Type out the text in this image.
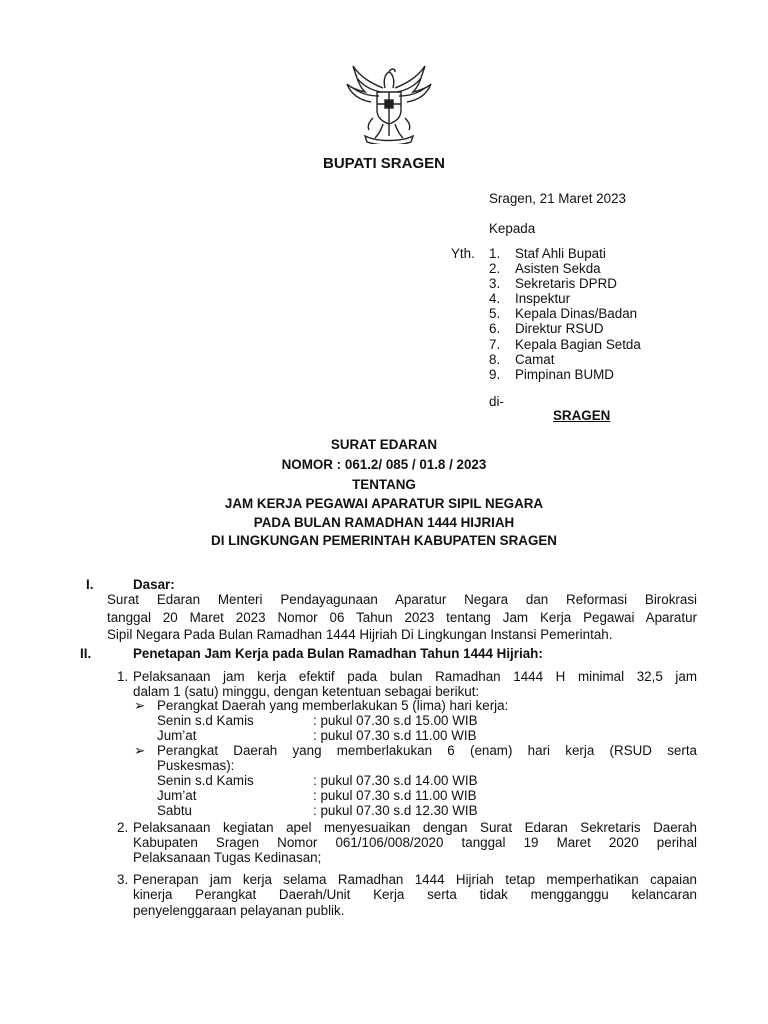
BUPATI SRAGEN
Sragen, 21 Maret 2023
Kepada
Yth. 1. Staf Ahli Bupati
2. Asisten Sekda
3. Sekretaris DPRD
4. Inspektur
5. Kepala Dinas/Badan
6. Direktur RSUD
7. Kepala Bagian Setda
8. Camat
9. Pimpinan BUMD
di-
SRAGEN
SURAT EDARAN
NOMOR : 061.2/ 085 / 01.8 / 2023
TENTANG
JAM KERJA PEGAWAI APARATUR SIPIL NEGARA
PADA BULAN RAMADHAN 1444 HIJRIAH
DI LINGKUNGAN PEMERINTAH KABUPATEN SRAGEN
I.	Dasar:
Surat Edaran Menteri Pendayagunaan Aparatur Negara dan Reformasi Birokrasi
tanggal 20 Maret 2023 Nomor 06 Tahun 2023 tentang Jam Kerja Pegawai Aparatur
Sipil Negara Pada Bulan Ramadhan 1444 Hijriah Di Lingkungan Instansi Pemerintah.
II.	Penetapan Jam Kerja pada Bulan Ramadhan Tahun 1444 Hijriah:
1. Pelaksanaan jam kerja efektif pada bulan Ramadhan 1444 H minimal 32,5 jam
dalam 1 (satu) minggu, dengan ketentuan sebagai berikut:
➢ Perangkat Daerah yang memberlakukan 5 (lima) hari kerja:
Senin s.d Kamis	: pukul 07.30 s.d 15.00 WIB
Jum’at	: pukul 07.30 s.d 11.00 WIB
➢ Perangkat Daerah yang memberlakukan 6 (enam) hari kerja (RSUD serta
Puskesmas):
Senin s.d Kamis	: pukul 07.30 s.d 14.00 WIB
Jum’at	: pukul 07.30 s.d 11.00 WIB
Sabtu	: pukul 07.30 s.d 12.30 WIB
2. Pelaksanaan kegiatan apel menyesuaikan dengan Surat Edaran Sekretaris Daerah
Kabupaten Sragen Nomor 061/106/008/2020 tanggal 19 Maret 2020 perihal
Pelaksanaan Tugas Kedinasan;
3. Penerapan jam kerja selama Ramadhan 1444 Hijriah tetap memperhatikan capaian
kinerja Perangkat Daerah/Unit Kerja serta tidak mengganggu kelancaran
penyelenggaraan pelayanan publik.
